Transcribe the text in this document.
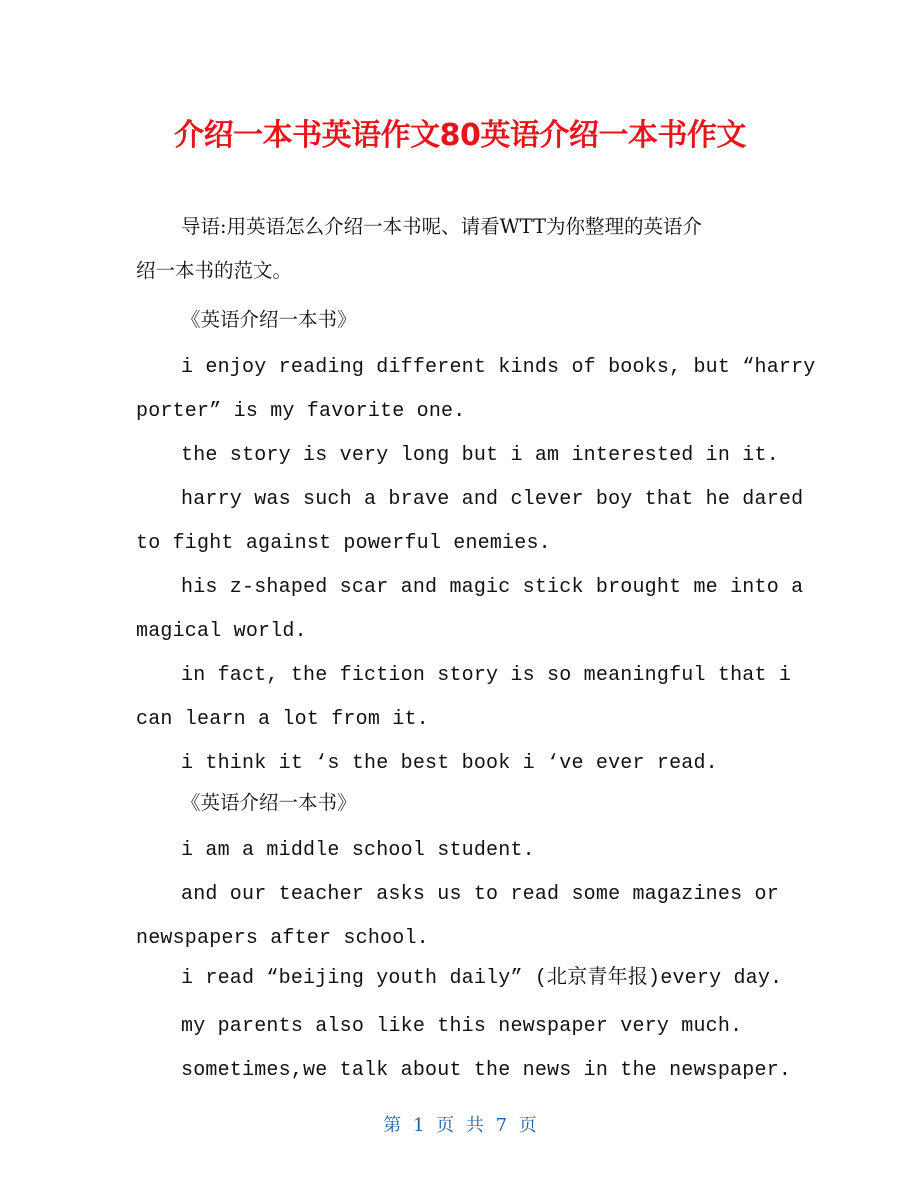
介绍一本书英语作文80英语介绍一本书作文

导语:用英语怎么介绍一本书呢、请看WTT为你整理的英语介

绍一本书的范文。

《英语介绍一本书》

i enjoy reading different kinds of books, but “harry

porter” is my favorite one.

the story is very long but i am interested in it.

harry was such a brave and clever boy that he dared

to fight against powerful enemies.

his z-shaped scar and magic stick brought me into a

magical world.

in fact, the fiction story is so meaningful that i

can learn a lot from it.

i think it ‘s the best book i ‘ve ever read.

《英语介绍一本书》

i am a middle school student.

and our teacher asks us to read some magazines or

newspapers after school.

i read “beijing youth daily” (北京青年报)every day.

my parents also like this newspaper very much.

sometimes,we talk about the news in the newspaper.

第 1 页 共 7 页
